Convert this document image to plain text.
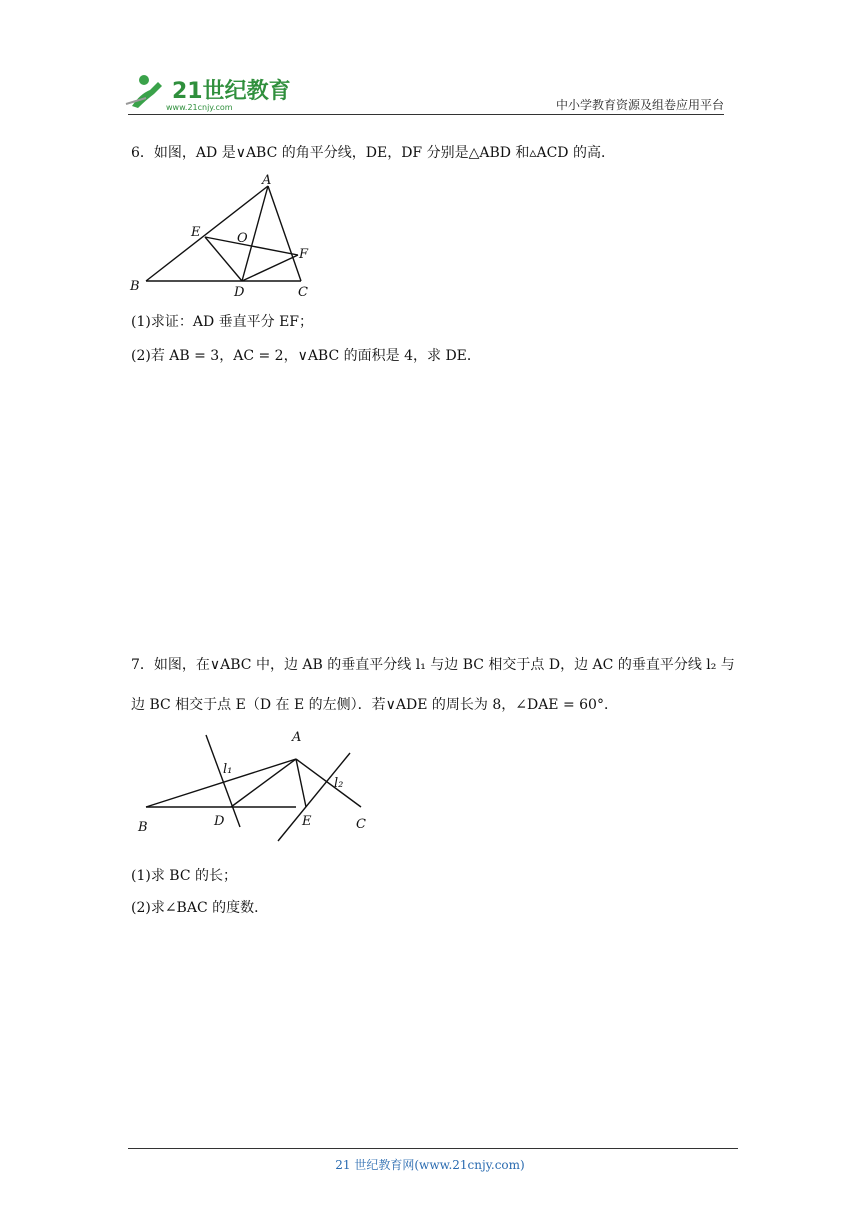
21世纪教育
www.21cnjy.com	中小学教育资源及组卷应用平台
6．如图，AD 是∨ABC 的角平分线，DE，DF 分别是△ABD 和▵ACD 的高．
A
B	C
D
E
F
O
(1)求证：AD 垂直平分 EF；
(2)若 AB = 3，AC = 2，∨ABC 的面积是 4，求 DE．
7．如图，在∨ABC 中，边 AB 的垂直平分线 l₁ 与边 BC 相交于点 D，边 AC 的垂直平分线 l₂ 与
边 BC 相交于点 E（D 在 E 的左侧）．若∨ADE 的周长为 8，∠DAE = 60°．
A
B	C
D	E
l₁
l₂
(1)求 BC 的长；
(2)求∠BAC 的度数．
21 世纪教育网(www.21cnjy.com)
